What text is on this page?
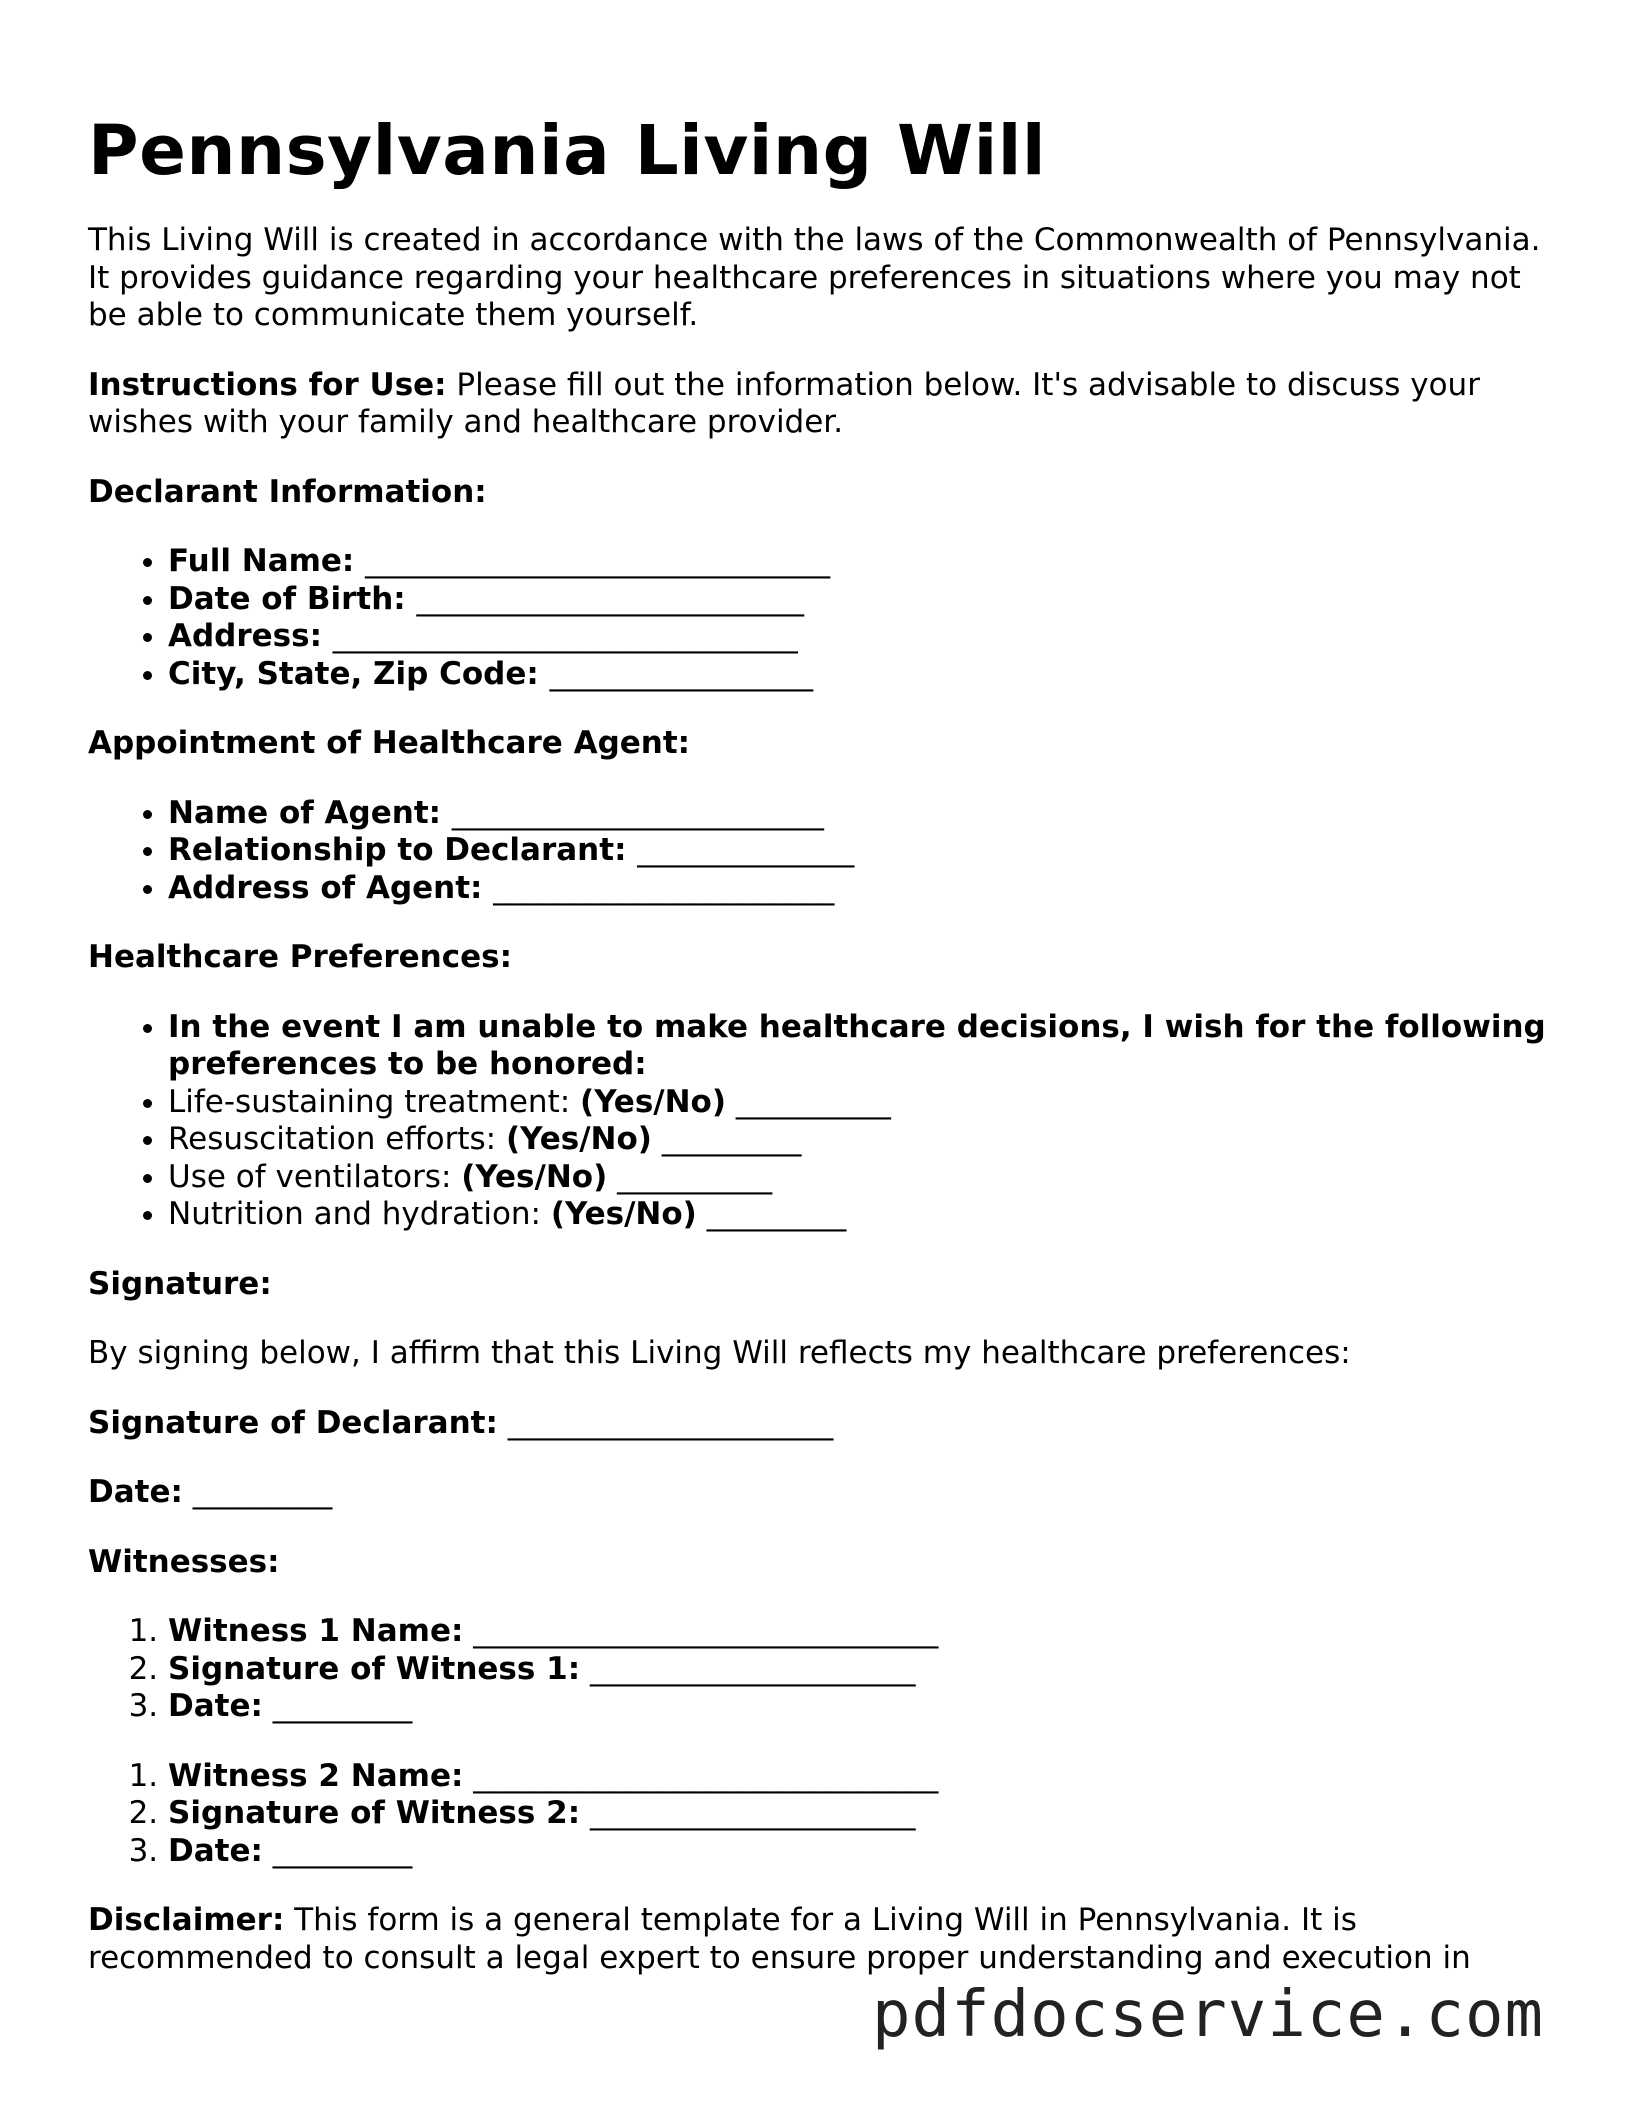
Pennsylvania Living Will

This Living Will is created in accordance with the laws of the Commonwealth of Pennsylvania. It provides guidance regarding your healthcare preferences in situations where you may not be able to communicate them yourself.

Instructions for Use: Please fill out the information below. It's advisable to discuss your wishes with your family and healthcare provider.

Declarant Information:

• Full Name: ______________________________
• Date of Birth: _________________________
• Address: ______________________________
• City, State, Zip Code: _________________

Appointment of Healthcare Agent:

• Name of Agent: ________________________
• Relationship to Declarant: ______________
• Address of Agent: ______________________

Healthcare Preferences:

• In the event I am unable to make healthcare decisions, I wish for the following preferences to be honored:
• Life-sustaining treatment: (Yes/No) __________
• Resuscitation efforts: (Yes/No) _________
• Use of ventilators: (Yes/No) __________
• Nutrition and hydration: (Yes/No) _________

Signature:

By signing below, I affirm that this Living Will reflects my healthcare preferences:

Signature of Declarant: _____________________

Date: _________

Witnesses:

1. Witness 1 Name: ______________________________
2. Signature of Witness 1: _____________________
3. Date: _________
1. Witness 2 Name: ______________________________
2. Signature of Witness 2: _____________________
3. Date: _________

Disclaimer: This form is a general template for a Living Will in Pennsylvania. It is recommended to consult a legal expert to ensure proper understanding and execution in

pdfdocservice.com
